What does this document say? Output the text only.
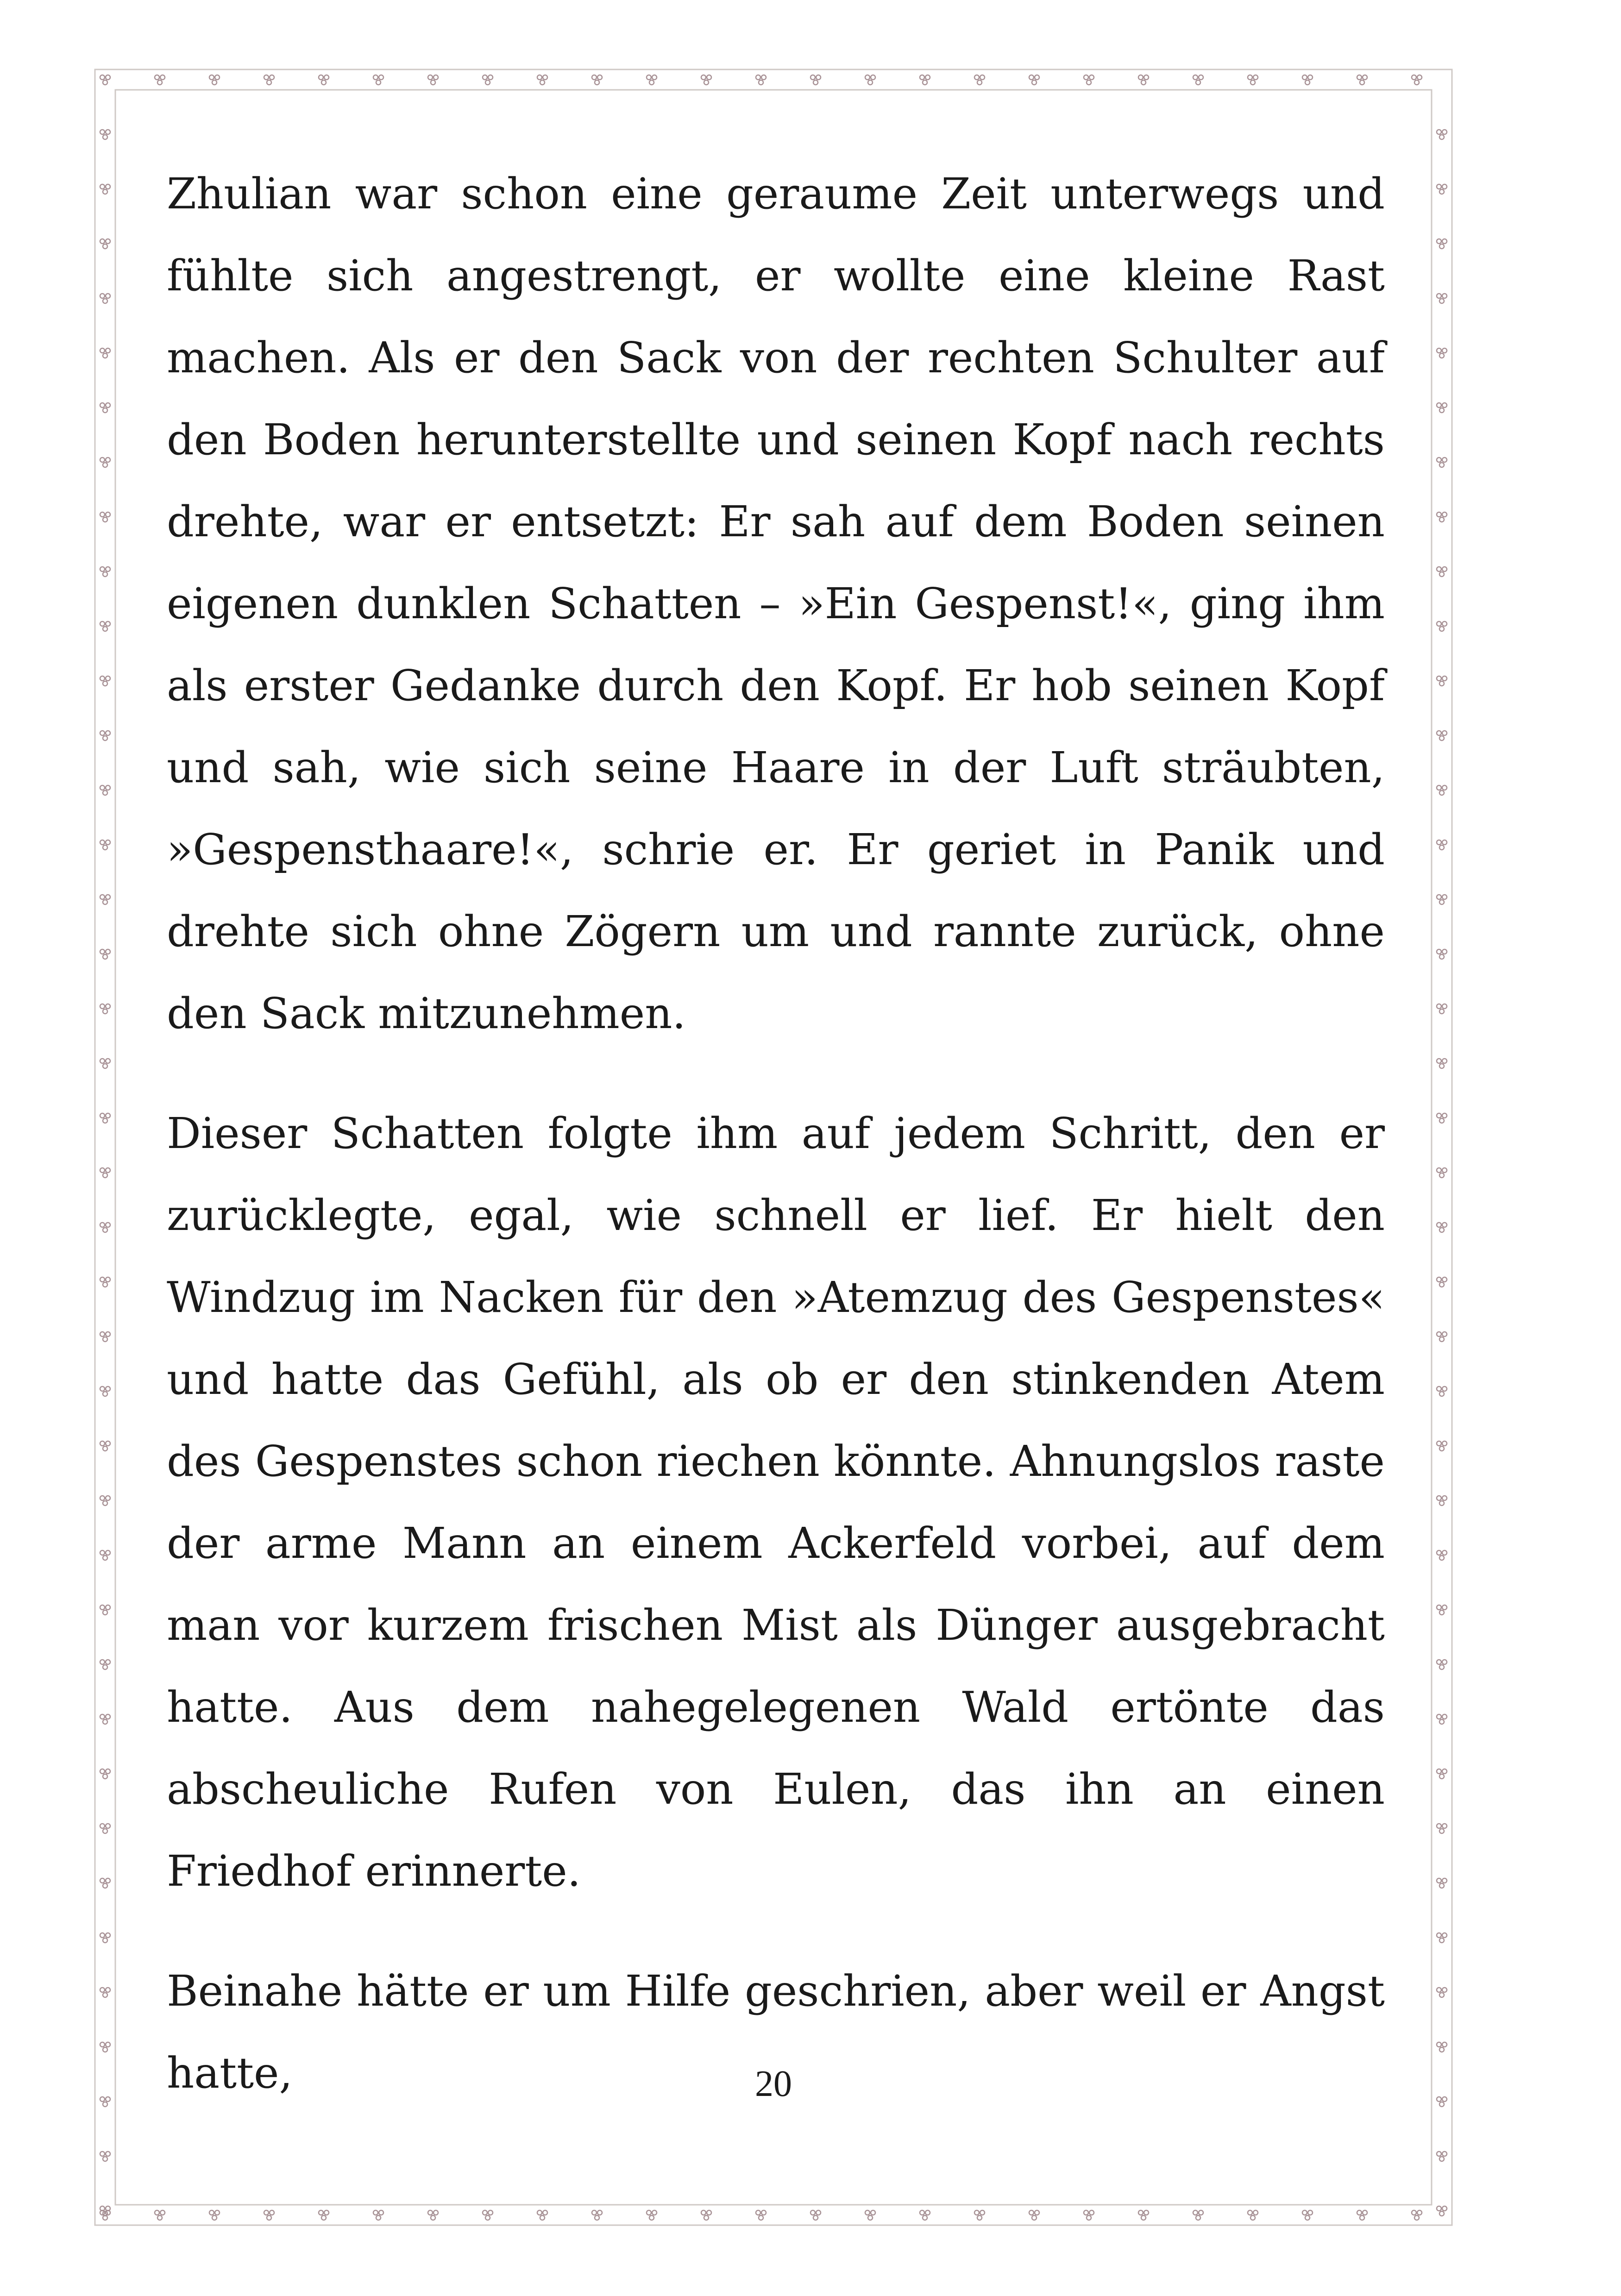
Zhulian war schon eine geraume Zeit unterwegs und fühlte sich angestrengt, er wollte eine kleine Rast machen. Als er den Sack von der rechten Schulter auf den Boden herunterstellte und seinen Kopf nach rechts drehte, war er entsetzt: Er sah auf dem Boden seinen eigenen dunklen Schatten – »Ein Gespenst!«, ging ihm als erster Gedanke durch den Kopf. Er hob seinen Kopf und sah, wie sich seine Haare in der Luft sträubten, »Gespensthaare!«, schrie er. Er geriet in Panik und drehte sich ohne Zögern um und rannte zurück, ohne den Sack mitzunehmen.

Dieser Schatten folgte ihm auf jedem Schritt, den er zurücklegte, egal, wie schnell er lief. Er hielt den Windzug im Nacken für den »Atemzug des Gespenstes« und hatte das Gefühl, als ob er den stinkenden Atem des Gespenstes schon riechen könnte. Ahnungslos raste der arme Mann an einem Ackerfeld vorbei, auf dem man vor kurzem frischen Mist als Dünger ausgebracht hatte. Aus dem nahegelegenen Wald ertönte das abscheuliche Rufen von Eulen, das ihn an einen Friedhof erinnerte.

Beinahe hätte er um Hilfe geschrien, aber weil er Angst hatte,	20
